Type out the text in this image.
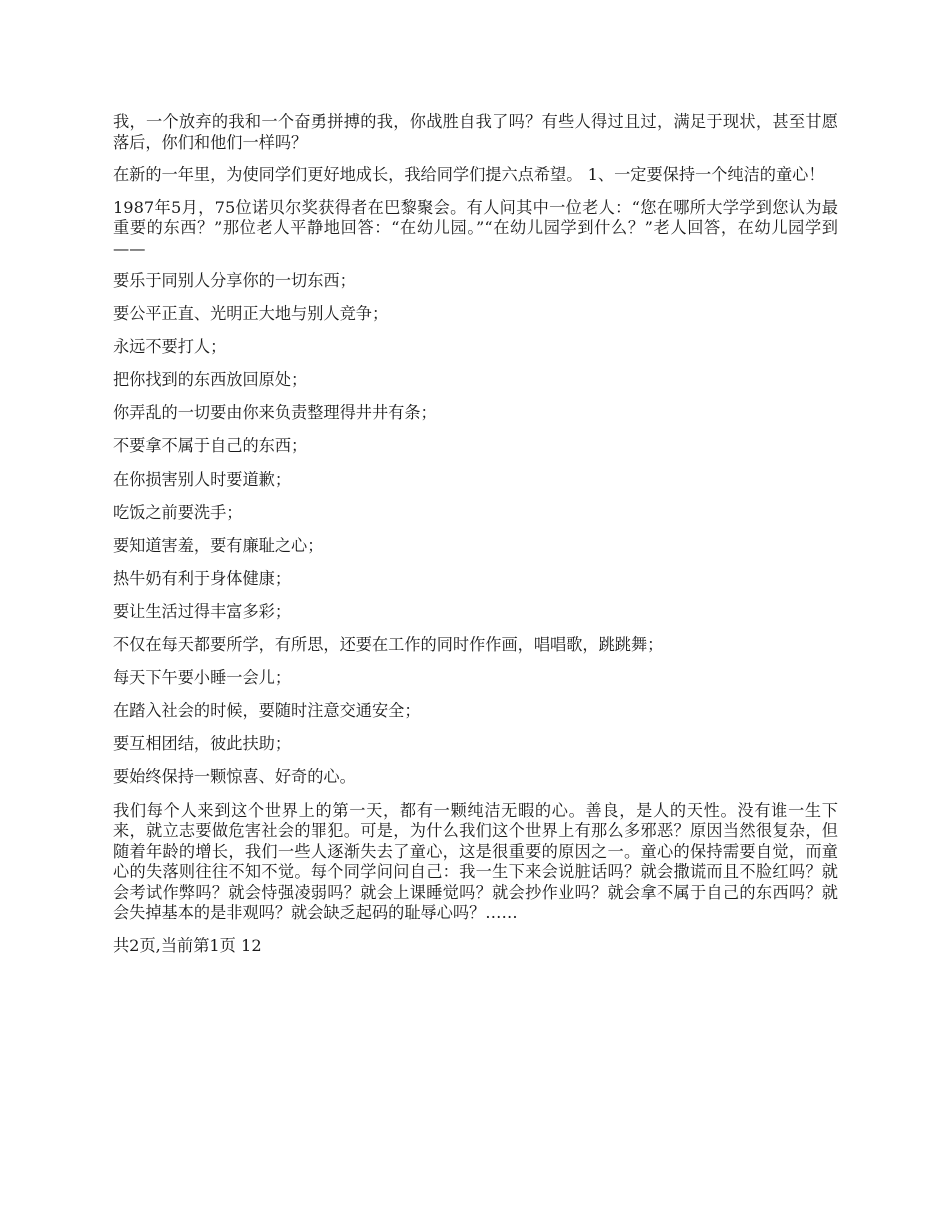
我，一个放弃的我和一个奋勇拼搏的我，你战胜自我了吗？有些人得过且过，满足于现状，甚至甘愿落后，你们和他们一样吗？

在新的一年里，为使同学们更好地成长，我给同学们提六点希望。 1、一定要保持一个纯洁的童心！

1987年5月，75位诺贝尔奖获得者在巴黎聚会。有人问其中一位老人：“您在哪所大学学到您认为最重要的东西？”那位老人平静地回答：“在幼儿园。”“在幼儿园学到什么？”老人回答，在幼儿园学到——

要乐于同别人分享你的一切东西；

要公平正直、光明正大地与别人竞争；

永远不要打人；

把你找到的东西放回原处；

你弄乱的一切要由你来负责整理得井井有条；

不要拿不属于自己的东西；

在你损害别人时要道歉；

吃饭之前要洗手；

要知道害羞，要有廉耻之心；

热牛奶有利于身体健康；

要让生活过得丰富多彩；

不仅在每天都要所学，有所思，还要在工作的同时作作画，唱唱歌，跳跳舞；

每天下午要小睡一会儿；

在踏入社会的时候，要随时注意交通安全；

要互相团结，彼此扶助；

要始终保持一颗惊喜、好奇的心。

我们每个人来到这个世界上的第一天，都有一颗纯洁无暇的心。善良，是人的天性。没有谁一生下来，就立志要做危害社会的罪犯。可是，为什么我们这个世界上有那么多邪恶？原因当然很复杂，但随着年龄的增长，我们一些人逐渐失去了童心，这是很重要的原因之一。童心的保持需要自觉，而童心的失落则往往不知不觉。每个同学问问自己：我一生下来会说脏话吗？就会撒谎而且不脸红吗？就会考试作弊吗？就会恃强凌弱吗？就会上课睡觉吗？就会抄作业吗？就会拿不属于自己的东西吗？就会失掉基本的是非观吗？就会缺乏起码的耻辱心吗？……

共2页,当前第1页 12
